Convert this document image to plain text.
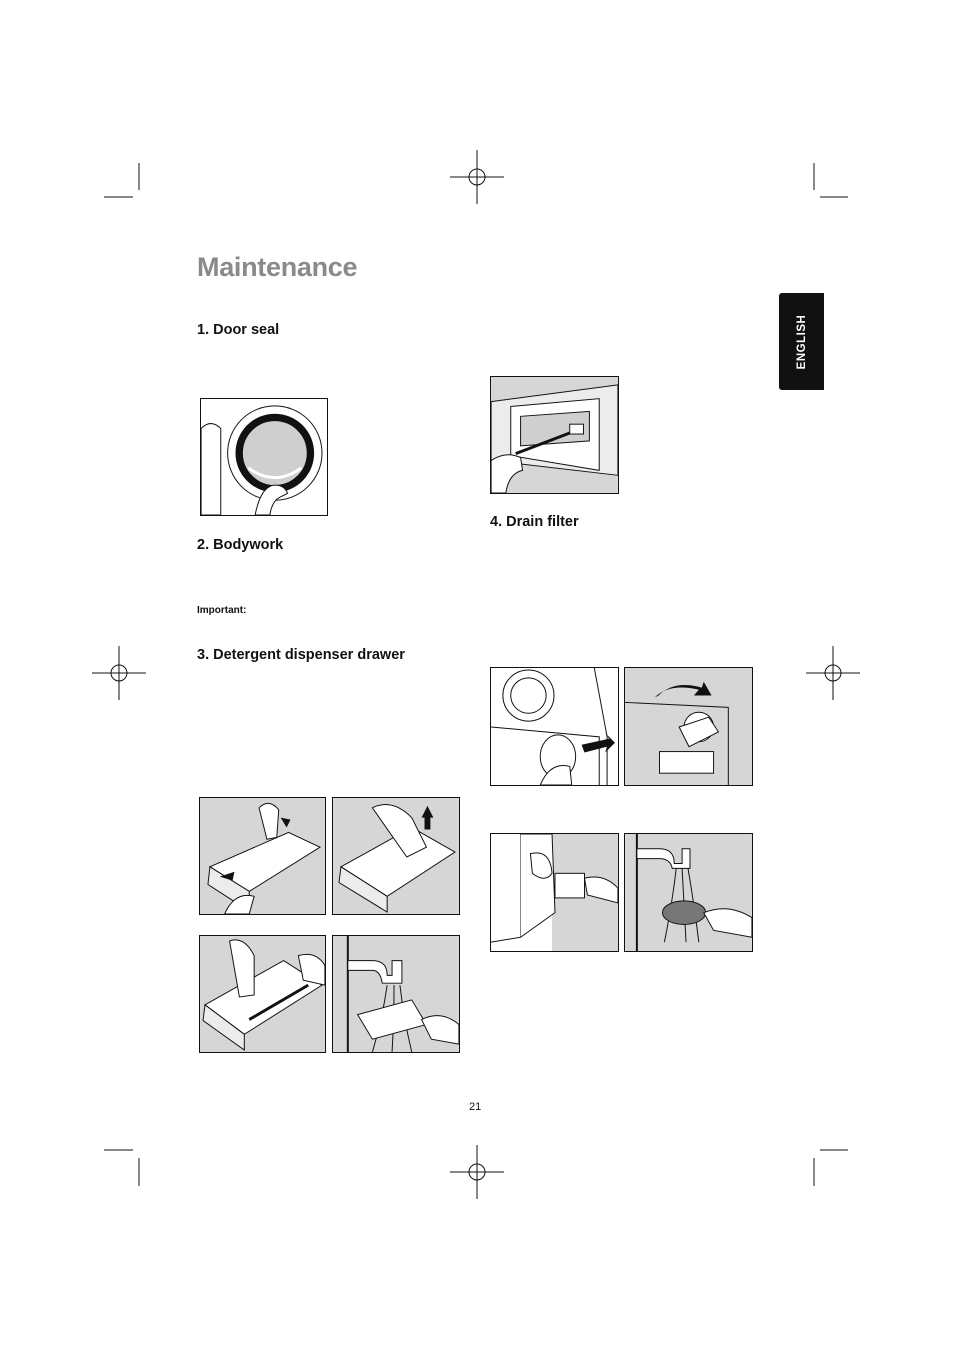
Maintenance
ENGLISH
1. Door seal
2. Bodywork
Important:
3. Detergent dispenser drawer
4. Drain filter
21
